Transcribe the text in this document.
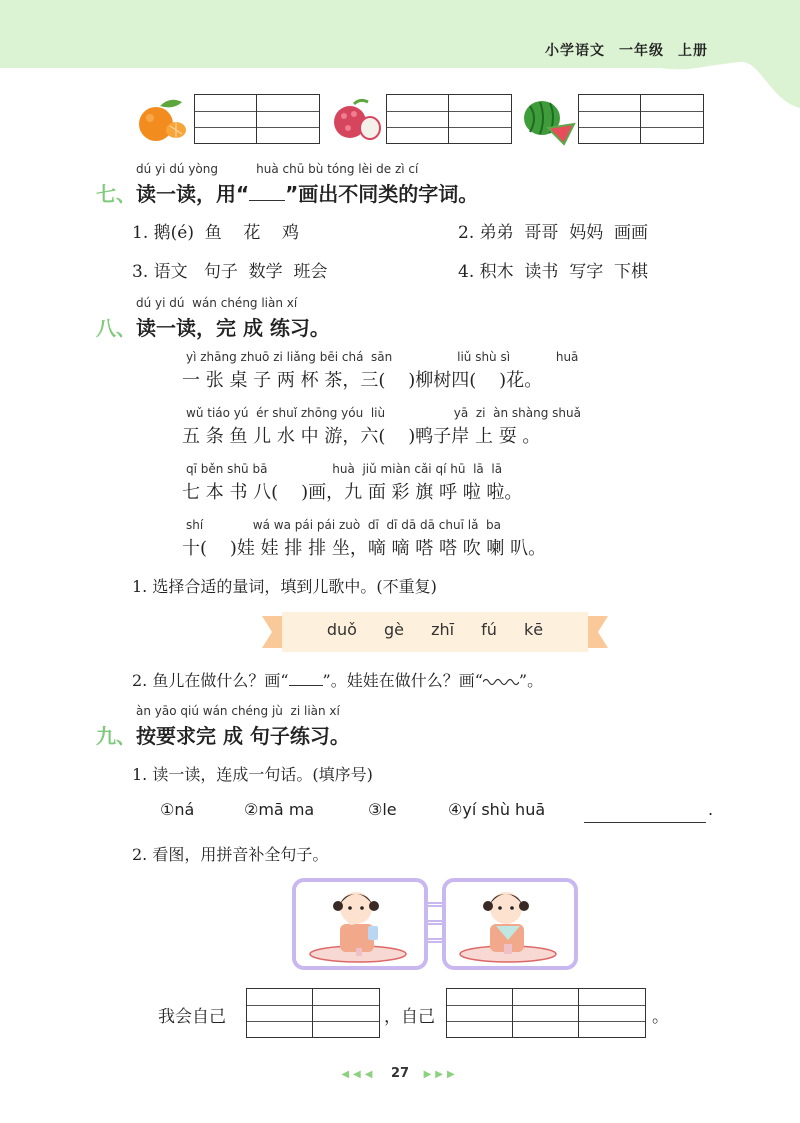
小学语文 一年级 上册
dú yi dú yòng          huà chū bù tóng lèi de zì cí
七、读一读，用“ ”画出不同类的字词。
1. 鹅(é)  鱼    花    鸡	2. 弟弟  哥哥  妈妈  画画
3. 语文   句子  数学  班会	4. 积木  读书  写字  下棋
dú yi dú  wán chéng liàn xí
八、读一读，完 成 练习。
yì zhāng zhuō zi liǎng bēi chá  sān                 liǔ shù sì            huā
一 张 桌 子 两 杯 茶，三(    )柳树四(    )花。
wǔ tiáo yú  ér shuǐ zhōng yóu  liù                  yā  zi  àn shàng shuǎ
五 条 鱼 儿 水 中 游，六(    )鸭子岸 上 耍 。
qī běn shū bā                 huà  jiǔ miàn cǎi qí hū  lā  lā
七 本 书 八(    )画，九 面 彩 旗 呼 啦 啦。
shí             wá wa pái pái zuò  dī  dī dā dā chuī lǎ  ba
十(    )娃 娃 排 排 坐，嘀 嘀 嗒 嗒 吹 喇 叭。
1. 选择合适的量词，填到儿歌中。(不重复)
duǒ gè zhī fú kē
2. 鱼儿在做什么？画“ ”。娃娃在做什么？画“ ”。
àn yāo qiú wán chéng jù  zi liàn xí
九、按要求完 成 句子练习。
1. 读一读，连成一句话。(填序号)
①ná	②mā ma	③le	④yí shù huā	.
2. 看图，用拼音补全句子。
我会自己	，自己	。
◀◀◀ 27 ▶▶▶
